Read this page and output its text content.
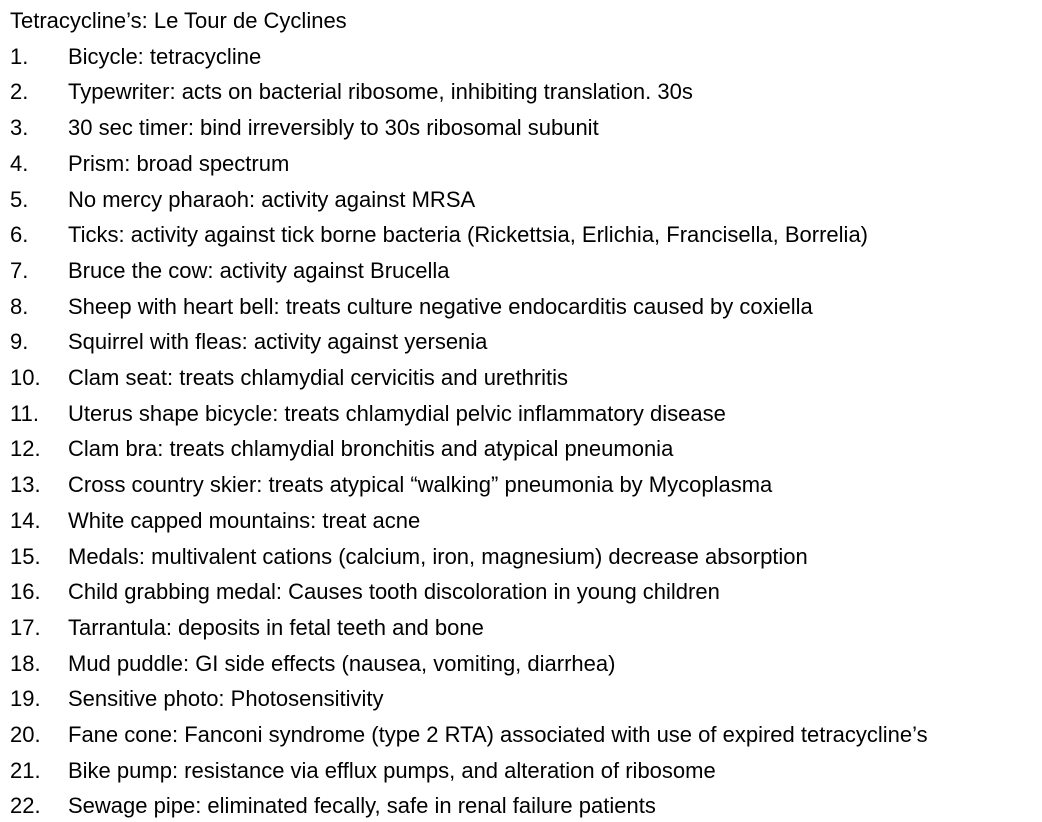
Tetracycline’s: Le Tour de Cyclines
1.	Bicycle: tetracycline
2.	Typewriter: acts on bacterial ribosome, inhibiting translation. 30s
3.	30 sec timer: bind irreversibly to 30s ribosomal subunit
4.	Prism: broad spectrum
5.	No mercy pharaoh: activity against MRSA
6.	Ticks: activity against tick borne bacteria (Rickettsia, Erlichia, Francisella, Borrelia)
7.	Bruce the cow: activity against Brucella
8.	Sheep with heart bell: treats culture negative endocarditis caused by coxiella
9.	Squirrel with fleas: activity against yersenia
10.	Clam seat: treats chlamydial cervicitis and urethritis
11.	Uterus shape bicycle: treats chlamydial pelvic inflammatory disease
12.	Clam bra: treats chlamydial bronchitis and atypical pneumonia
13.	Cross country skier: treats atypical “walking” pneumonia by Mycoplasma
14.	White capped mountains: treat acne
15.	Medals: multivalent cations (calcium, iron, magnesium) decrease absorption
16.	Child grabbing medal: Causes tooth discoloration in young children
17.	Tarrantula: deposits in fetal teeth and bone
18.	Mud puddle: GI side effects (nausea, vomiting, diarrhea)
19.	Sensitive photo: Photosensitivity
20.	Fane cone: Fanconi syndrome (type 2 RTA) associated with use of expired tetracycline’s
21.	Bike pump: resistance via efflux pumps, and alteration of ribosome
22.	Sewage pipe: eliminated fecally, safe in renal failure patients
